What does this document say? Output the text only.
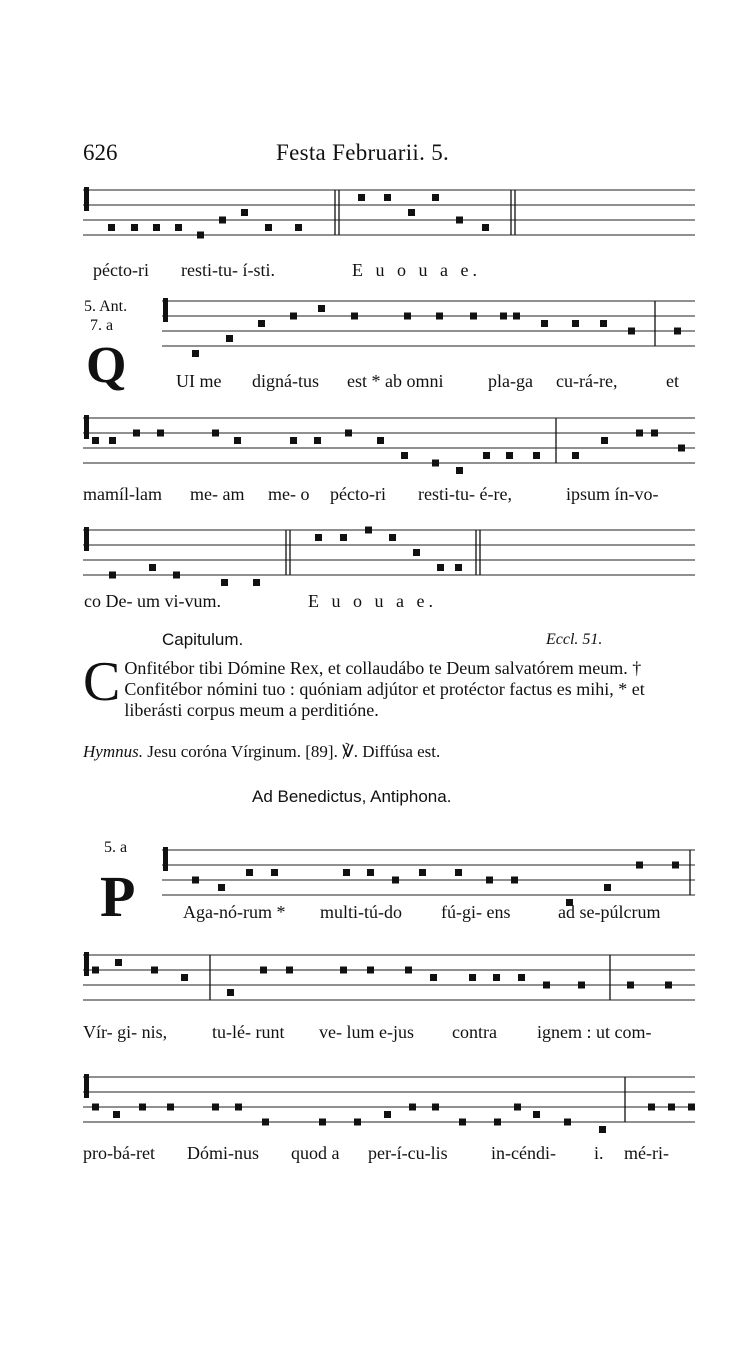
626	Festa Februarii. 5.
pécto-ri resti-tu- í-sti.	E u o u a e.
5. Ant.
7. a
Q	UI me digná-tus est * ab omni pla-ga cu-rá-re,	et
mamíl-lam me- am me- o pécto-ri resti-tu- é-re,	ipsum ín-vo-
co De- um vi-vum.	E u o u a e.
Capitulum.	Eccl. 51.
C Onfitébor tibi Dómine Rex, et collaudábo te Deum salvatórem meum. † Confitébor nómini tuo : quóniam adjútor et protéctor factus es mihi, * et liberásti corpus meum a perditióne.
Hymnus. Jesu coróna Vírginum. [89]. ℣. Diffúsa est.
Ad Benedictus, Antiphona.
5. a
P	Aga-nó-rum * multi-tú-do fú-gi- ens	ad se-púlcrum
Vír- gi- nis, tu-lé- runt ve- lum e-jus contra ignem : ut com-
pro-bá-ret Dómi-nus quod a per-í-cu-lis in-céndi- i. mé-ri-
